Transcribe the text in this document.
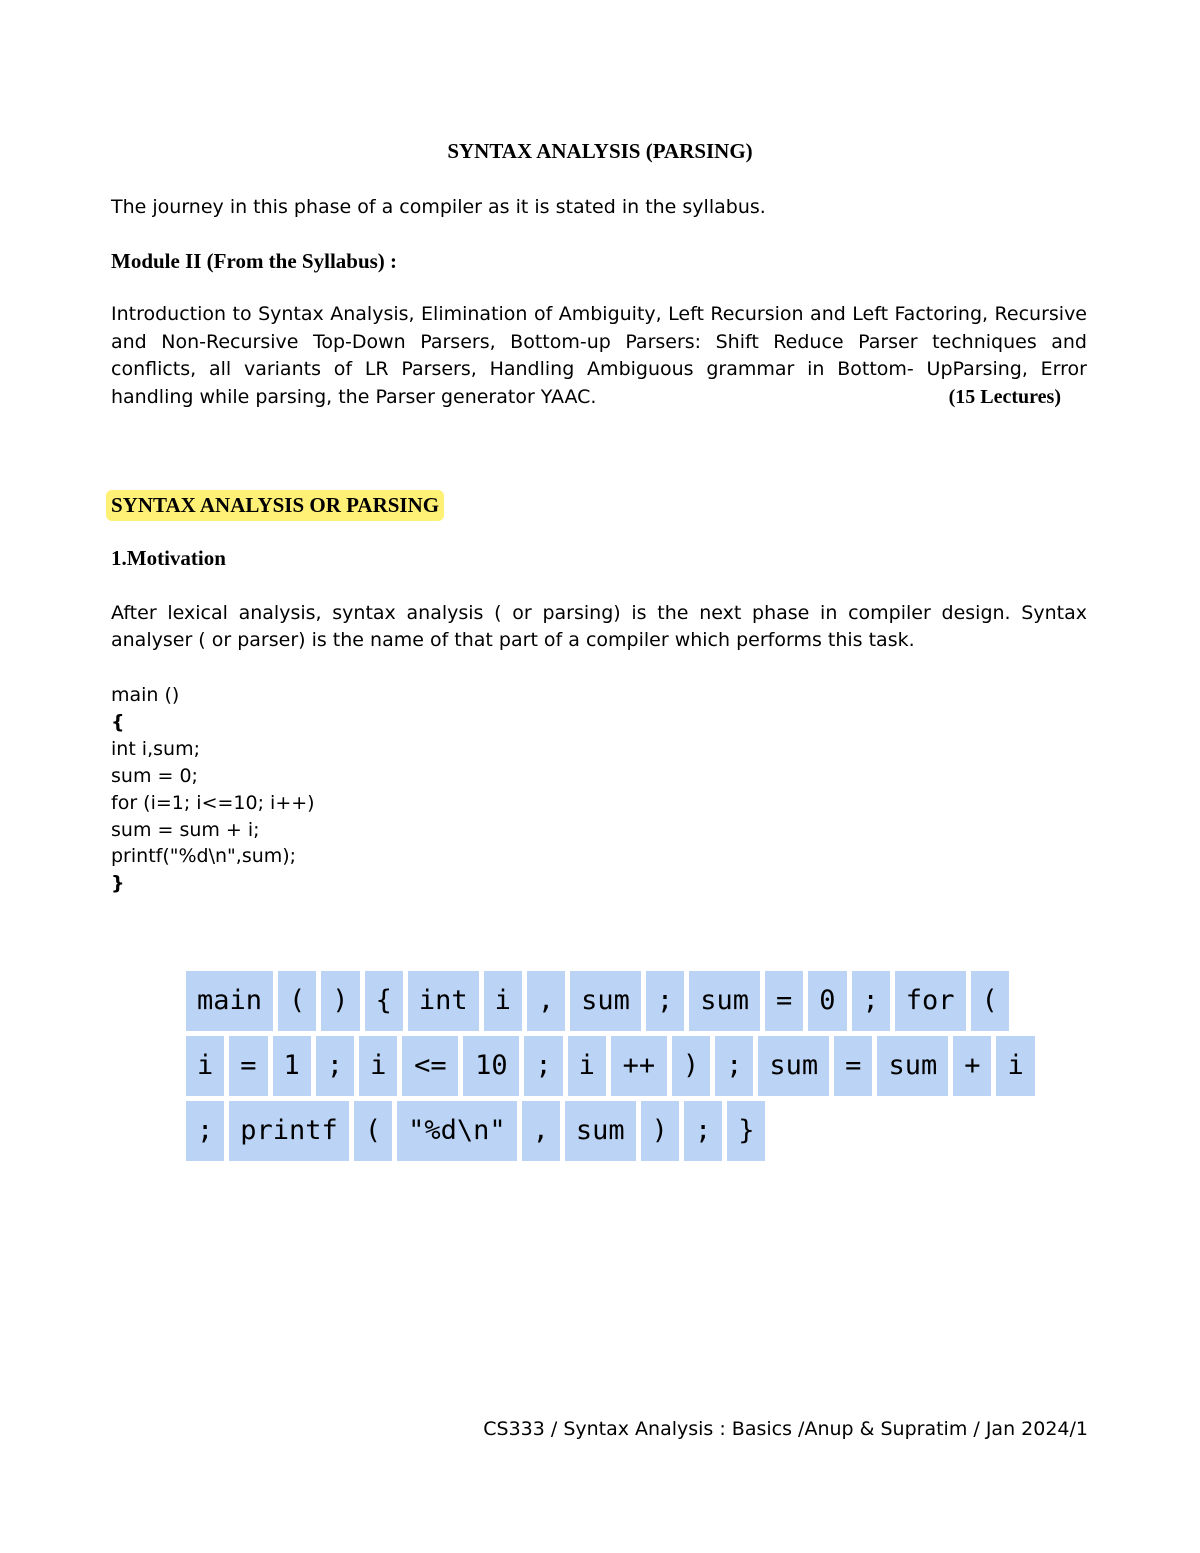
SYNTAX ANALYSIS (PARSING)
The journey in this phase of a compiler as it is stated in the syllabus.
Module II (From the Syllabus) :
Introduction to Syntax Analysis, Elimination of Ambiguity, Left Recursion and Left Factoring, Recursive and Non-Recursive Top-Down Parsers, Bottom-up Parsers: Shift Reduce Parser techniques and conflicts, all variants of LR Parsers, Handling Ambiguous grammar in Bottom- UpParsing, Error handling while parsing, the Parser generator YAAC.	(15 Lectures)
SYNTAX ANALYSIS OR PARSING
1.Motivation
After lexical analysis, syntax analysis ( or parsing) is the next phase in compiler design. Syntax analyser ( or parser) is the name of that part of a compiler which performs this task.
main ()
{
int i,sum;
sum = 0;
for (i=1; i<=10; i++)
sum = sum + i;
printf("%d\n",sum);
}
main	(	)	{	int	i	,	sum	;	sum	=	0	;	for	(
i	=	1	;	i	<=	10	;	i	++	)	;	sum	=	sum	+	i
;	printf	(	"%d\n"	,	sum	)	;	}
CS333 / Syntax Analysis : Basics /Anup & Supratim / Jan 2024/1
